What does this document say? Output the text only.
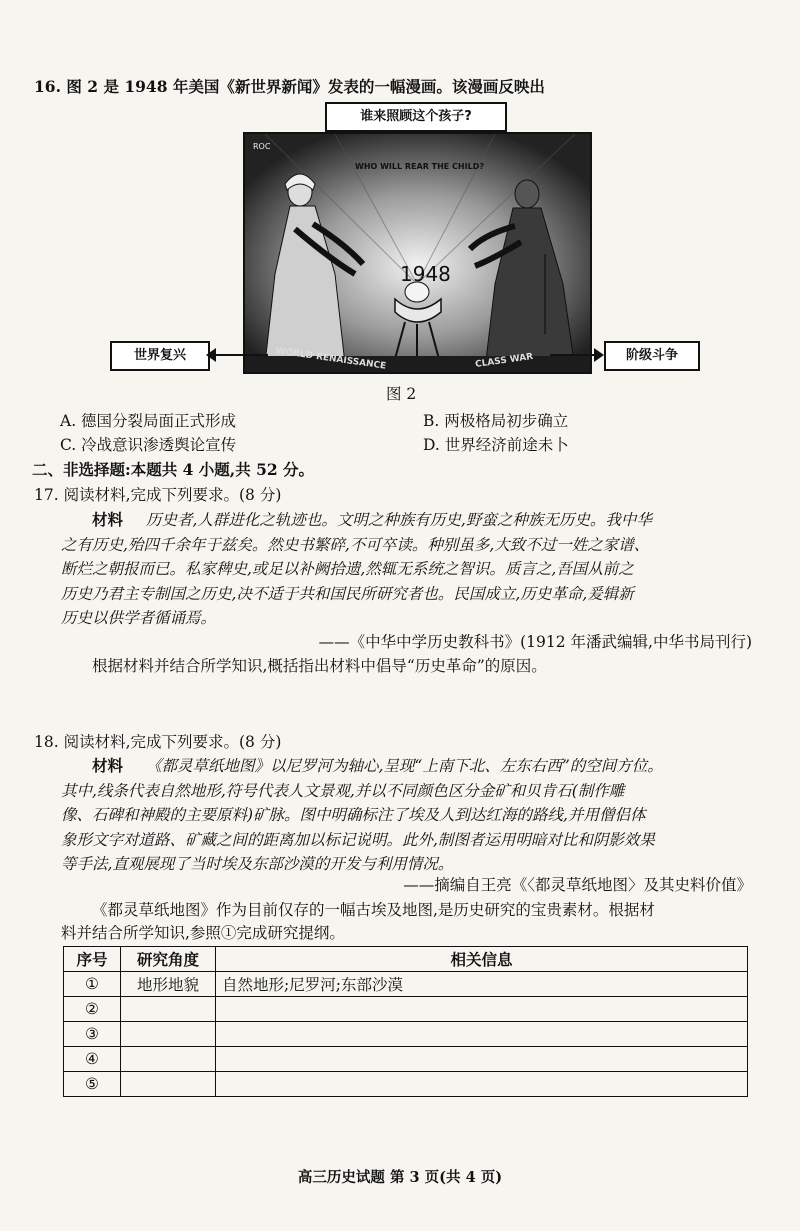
16. 图 2 是 1948 年美国《新世界新闻》发表的一幅漫画。该漫画反映出
谁来照顾这个孩子?
WHO WILL REAR THE CHILD?
1948
ROC
WORLD RENAISSANCE	CLASS WAR
世界复兴	阶级斗争
图 2
A. 德国分裂局面正式形成	B. 两极格局初步确立
C. 冷战意识渗透舆论宣传	D. 世界经济前途未卜
二、非选择题:本题共 4 小题,共 52 分。
17. 阅读材料,完成下列要求。(8 分)
材料 历史者,人群进化之轨迹也。文明之种族有历史,野蛮之种族无历史。我中华
之有历史,殆四千余年于兹矣。然史书繁碎,不可卒读。种别虽多,大致不过一姓之家谱、
断烂之朝报而已。私家稗史,或足以补阙拾遗,然辄无系统之智识。质言之,吾国从前之
历史乃君主专制国之历史,决不适于共和国民所研究者也。民国成立,历史革命,爰辑新
历史以供学者循诵焉。
——《中华中学历史教科书》(1912 年潘武编辑,中华书局刊行)
根据材料并结合所学知识,概括指出材料中倡导“历史革命”的原因。
18. 阅读材料,完成下列要求。(8 分)
材料 《都灵草纸地图》以尼罗河为轴心,呈现“上南下北、左东右西”的空间方位。
其中,线条代表自然地形,符号代表人文景观,并以不同颜色区分金矿和贝肯石(制作雕
像、石碑和神殿的主要原料)矿脉。图中明确标注了埃及人到达红海的路线,并用僧侣体
象形文字对道路、矿藏之间的距离加以标记说明。此外,制图者运用明暗对比和阴影效果
等手法,直观展现了当时埃及东部沙漠的开发与利用情况。
——摘编自王亮《〈都灵草纸地图〉及其史料价值》
《都灵草纸地图》作为目前仅存的一幅古埃及地图,是历史研究的宝贵素材。根据材
料并结合所学知识,参照①完成研究提纲。
序号	研究角度	相关信息
①	地形地貌	自然地形;尼罗河;东部沙漠
②		
③		
④		
⑤		
高三历史试题 第 3 页(共 4 页)
